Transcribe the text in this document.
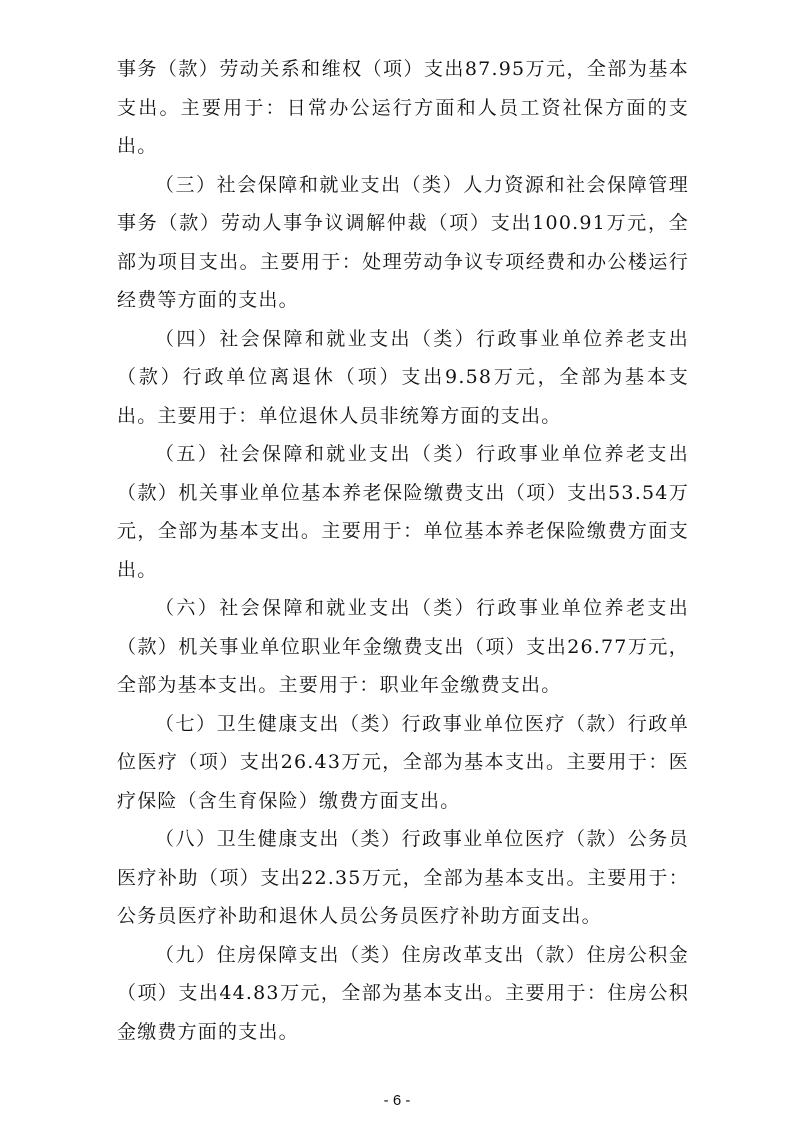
事务（款）劳动关系和维权（项）支出87.95万元，全部为基本支出。主要用于：日常办公运行方面和人员工资社保方面的支出。

（三）社会保障和就业支出（类）人力资源和社会保障管理事务（款）劳动人事争议调解仲裁（项）支出100.91万元，全部为项目支出。主要用于：处理劳动争议专项经费和办公楼运行经费等方面的支出。

（四）社会保障和就业支出（类）行政事业单位养老支出（款）行政单位离退休（项）支出9.58万元，全部为基本支出。主要用于：单位退休人员非统筹方面的支出。

（五）社会保障和就业支出（类）行政事业单位养老支出（款）机关事业单位基本养老保险缴费支出（项）支出53.54万元，全部为基本支出。主要用于：单位基本养老保险缴费方面支出。

（六）社会保障和就业支出（类）行政事业单位养老支出（款）机关事业单位职业年金缴费支出（项）支出26.77万元，全部为基本支出。主要用于：职业年金缴费支出。

（七）卫生健康支出（类）行政事业单位医疗（款）行政单位医疗（项）支出26.43万元，全部为基本支出。主要用于：医疗保险（含生育保险）缴费方面支出。

（八）卫生健康支出（类）行政事业单位医疗（款）公务员医疗补助（项）支出22.35万元，全部为基本支出。主要用于：公务员医疗补助和退休人员公务员医疗补助方面支出。

（九）住房保障支出（类）住房改革支出（款）住房公积金（项）支出44.83万元，全部为基本支出。主要用于：住房公积金缴费方面的支出。

- 6 -
